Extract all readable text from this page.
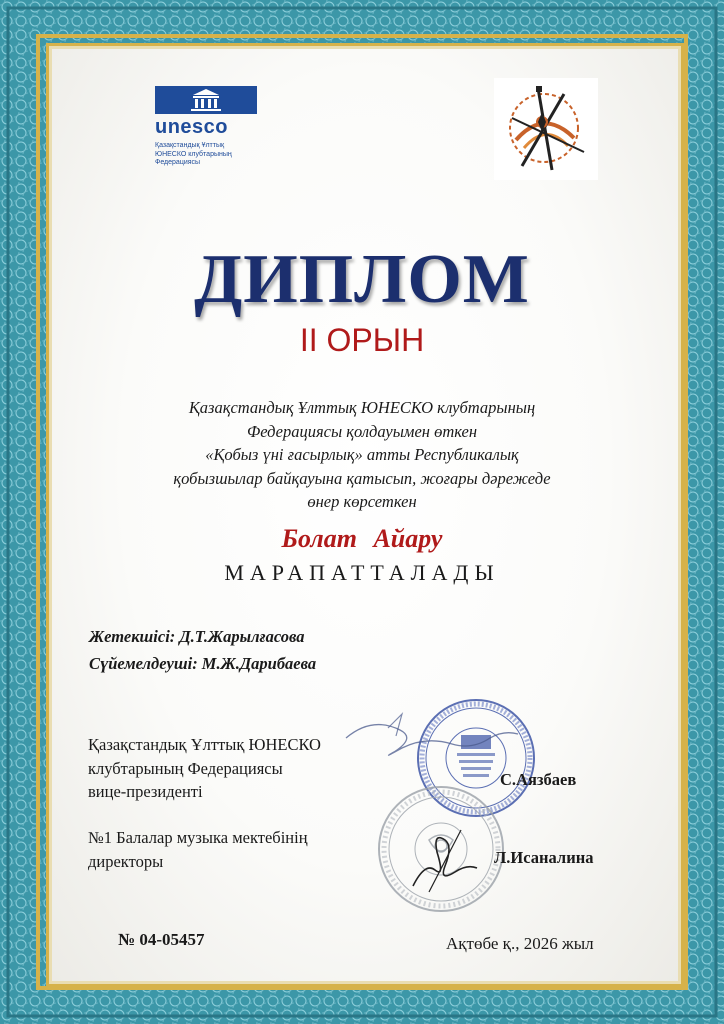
unesco
Қазақстандық Ұлттық
ЮНЕСКО клубтарының
Федерациясы
ДИПЛОМ
II ОРЫН
Қазақстандық Ұлттық ЮНЕСКО клубтарының
Федерациясы қолдауымен өткен
«Қобыз үні ғасырлық» атты Республикалық
қобызшылар байқауына қатысып, жоғары дәрежеде
өнер көрсеткен
Болат Айару
МАРАПАТТАЛАДЫ
Жетекшісі: Д.Т.Жарылғасова
Сүйемелдеуші: М.Ж.Дарибаева
Қазақстандық Ұлттық ЮНЕСКО
клубтарының Федерациясы
вице-президенті
С.Аязбаев
№1 Балалар музыка мектебінің
директоры	Л.Исаналина
№ 04-05457	Ақтөбе қ., 2026 жыл
